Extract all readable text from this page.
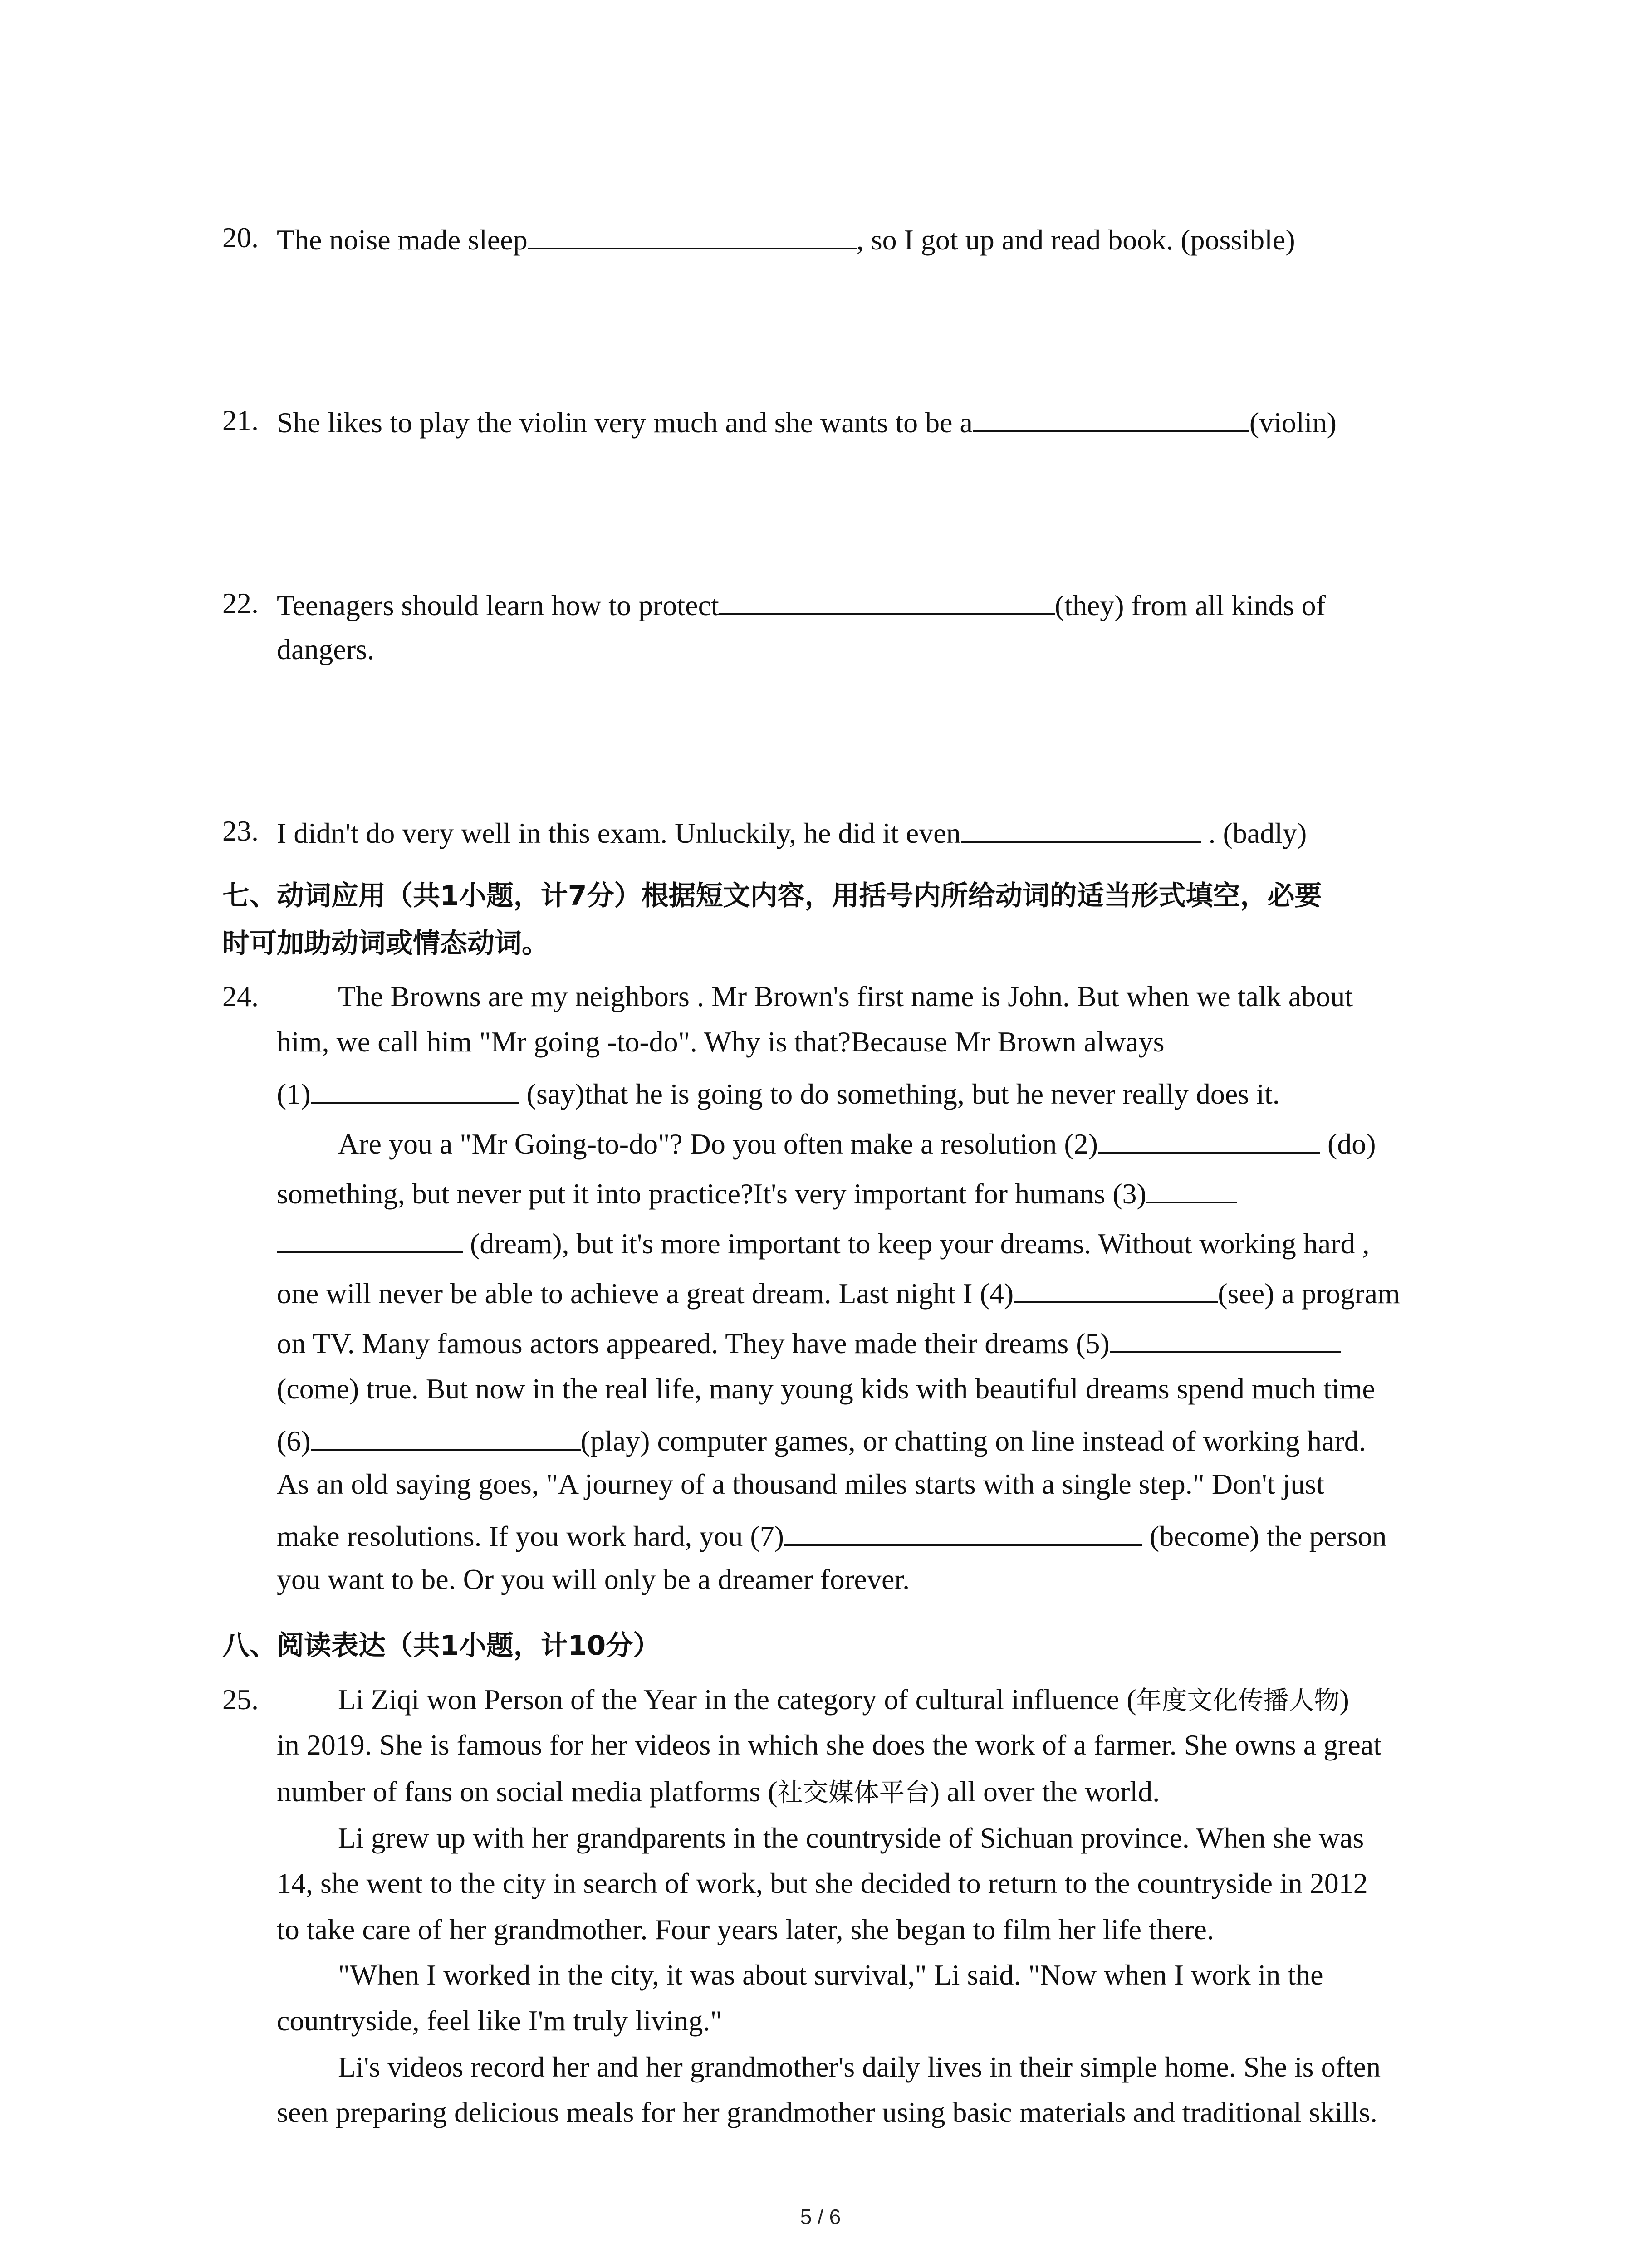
20. The noise made sleep	, so I got up and read book. (possible)
21. She likes to play the violin very much and she wants to be a	(violin)
22. Teenagers should learn how to protect	(they) from all kinds of
dangers.
23. I didn't do very well in this exam. Unluckily, he did it even	. (badly)
七、动词应用（共1小题，计7分）根据短文内容，用括号内所给动词的适当形式填空，必要
时可加助动词或情态动词。
24.	The Browns are my neighbors . Mr Brown's first name is John. But when we talk about
him, we call him "Mr going -to-do". Why is that?Because Mr Brown always
(1)	(say)that he is going to do something, but he never really does it.
Are you a "Mr Going-to-do"? Do you often make a resolution (2)	(do)
something, but never put it into practice?It's very important for humans (3)
(dream), but it's more important to keep your dreams. Without working hard ,
one will never be able to achieve a great dream. Last night I (4)	(see) a program
on TV. Many famous actors appeared. They have made their dreams (5)
(come) true. But now in the real life, many young kids with beautiful dreams spend much time
(6)	(play) computer games, or chatting on line instead of working hard.
As an old saying goes, "A journey of a thousand miles starts with a single step." Don't just
make resolutions. If you work hard, you (7)	(become) the person
you want to be. Or you will only be a dreamer forever.
八、阅读表达（共1小题，计10分）
25.	Li Ziqi won Person of the Year in the category of cultural influence (年度文化传播人物)
in 2019. She is famous for her videos in which she does the work of a farmer. She owns a great
number of fans on social media platforms (社交媒体平台) all over the world.
Li grew up with her grandparents in the countryside of Sichuan province. When she was
14, she went to the city in search of work, but she decided to return to the countryside in 2012
to take care of her grandmother. Four years later, she began to film her life there.
"When I worked in the city, it was about survival," Li said. "Now when I work in the
countryside, feel like I'm truly living."
Li's videos record her and her grandmother's daily lives in their simple home. She is often
seen preparing delicious meals for her grandmother using basic materials and traditional skills.
5 / 6
